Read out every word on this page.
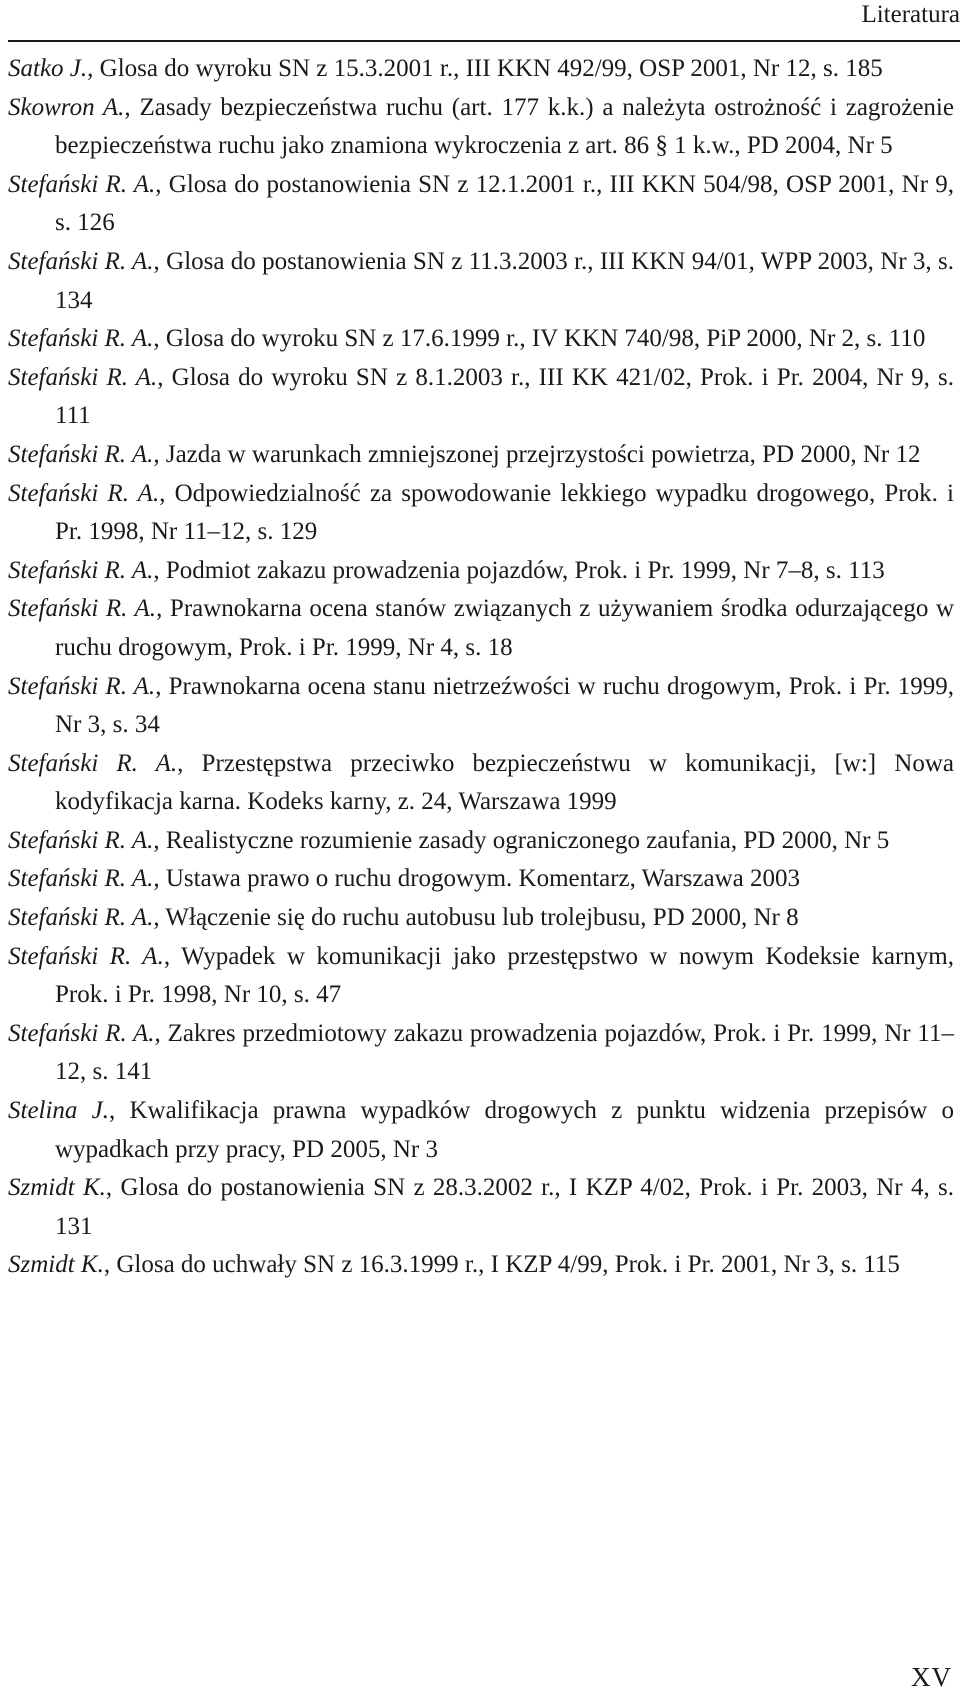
Literatura

Satko J., Glosa do wyroku SN z 15.3.2001 r., III KKN 492/99, OSP 2001, Nr 12, s. 185

Skowron A., Zasady bezpieczeństwa ruchu (art. 177 k.k.) a należyta ostrożność i zagrożenie bezpieczeństwa ruchu jako znamiona wykroczenia z art. 86 § 1 k.w., PD 2004, Nr 5

Stefański R. A., Glosa do postanowienia SN z 12.1.2001 r., III KKN 504/98, OSP 2001, Nr 9, s. 126

Stefański R. A., Glosa do postanowienia SN z 11.3.2003 r., III KKN 94/01, WPP 2003, Nr 3, s. 134

Stefański R. A., Glosa do wyroku SN z 17.6.1999 r., IV KKN 740/98, PiP 2000, Nr 2, s. 110

Stefański R. A., Glosa do wyroku SN z 8.1.2003 r., III KK 421/02, Prok. i Pr. 2004, Nr 9, s. 111

Stefański R. A., Jazda w warunkach zmniejszonej przejrzystości powietrza, PD 2000, Nr 12

Stefański R. A., Odpowiedzialność za spowodowanie lekkiego wypadku drogowego, Prok. i Pr. 1998, Nr 11–12, s. 129

Stefański R. A., Podmiot zakazu prowadzenia pojazdów, Prok. i Pr. 1999, Nr 7–8, s. 113

Stefański R. A., Prawnokarna ocena stanów związanych z używaniem środka odurzającego w ruchu drogowym, Prok. i Pr. 1999, Nr 4, s. 18

Stefański R. A., Prawnokarna ocena stanu nietrzeźwości w ruchu drogowym, Prok. i Pr. 1999, Nr 3, s. 34

Stefański R. A., Przestępstwa przeciwko bezpieczeństwu w komunikacji, [w:] Nowa kodyfikacja karna. Kodeks karny, z. 24, Warszawa 1999

Stefański R. A., Realistyczne rozumienie zasady ograniczonego zaufania, PD 2000, Nr 5

Stefański R. A., Ustawa prawo o ruchu drogowym. Komentarz, Warszawa 2003

Stefański R. A., Włączenie się do ruchu autobusu lub trolejbusu, PD 2000, Nr 8

Stefański R. A., Wypadek w komunikacji jako przestępstwo w nowym Kodeksie karnym, Prok. i Pr. 1998, Nr 10, s. 47

Stefański R. A., Zakres przedmiotowy zakazu prowadzenia pojazdów, Prok. i Pr. 1999, Nr 11–12, s. 141

Stelina J., Kwalifikacja prawna wypadków drogowych z punktu widzenia przepisów o wypadkach przy pracy, PD 2005, Nr 3

Szmidt K., Glosa do postanowienia SN z 28.3.2002 r., I KZP 4/02, Prok. i Pr. 2003, Nr 4, s. 131

Szmidt K., Glosa do uchwały SN z 16.3.1999 r., I KZP 4/99, Prok. i Pr. 2001, Nr 3, s. 115

XV
